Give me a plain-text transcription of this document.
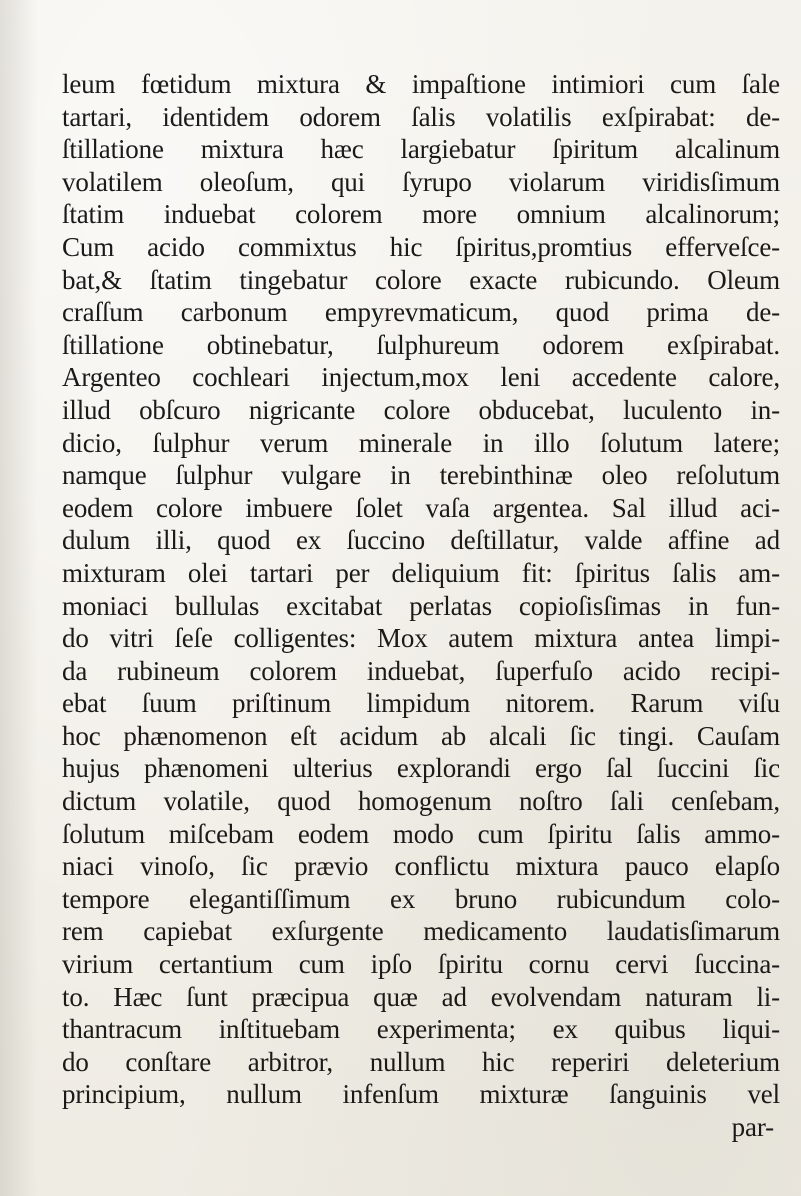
leum fœtidum mixtura & impaſtione intimiori cum ſale
tartari, identidem odorem ſalis volatilis exſpirabat: de-
ſtillatione mixtura hæc largiebatur ſpiritum alcalinum
volatilem oleoſum, qui ſyrupo violarum viridisſimum
ſtatim induebat colorem more omnium alcalinorum;
Cum acido commixtus hic ſpiritus,promtius efferveſce-
bat,& ſtatim tingebatur colore exacte rubicundo. Oleum
craſſum carbonum empyrevmaticum, quod prima de-
ſtillatione obtinebatur, ſulphureum odorem exſpirabat.
Argenteo cochleari injectum,mox leni accedente calore,
illud obſcuro nigricante colore obducebat, luculento in-
dicio, ſulphur verum minerale in illo ſolutum latere;
namque ſulphur vulgare in terebinthinæ oleo reſolutum
eodem colore imbuere ſolet vaſa argentea. Sal illud aci-
dulum illi, quod ex ſuccino deſtillatur, valde affine ad
mixturam olei tartari per deliquium fit: ſpiritus ſalis am-
moniaci bullulas excitabat perlatas copioſisſimas in fun-
do vitri ſeſe colligentes: Mox autem mixtura antea limpi-
da rubineum colorem induebat, ſuperfuſo acido recipi-
ebat ſuum priſtinum limpidum nitorem. Rarum viſu
hoc phænomenon eſt acidum ab alcali ſic tingi. Cauſam
hujus phænomeni ulterius explorandi ergo ſal ſuccini ſic
dictum volatile, quod homogenum noſtro ſali cenſebam,
ſolutum miſcebam eodem modo cum ſpiritu ſalis ammo-
niaci vinoſo, ſic prævio conflictu mixtura pauco elapſo
tempore elegantiſſimum ex bruno rubicundum colo-
rem capiebat exſurgente medicamento laudatisſimarum
virium certantium cum ipſo ſpiritu cornu cervi ſuccina-
to. Hæc ſunt præcipua quæ ad evolvendam naturam li-
thantracum inſtituebam experimenta; ex quibus liqui-
do conſtare arbitror, nullum hic reperiri deleterium
principium, nullum infenſum mixturæ ſanguinis vel
par-
